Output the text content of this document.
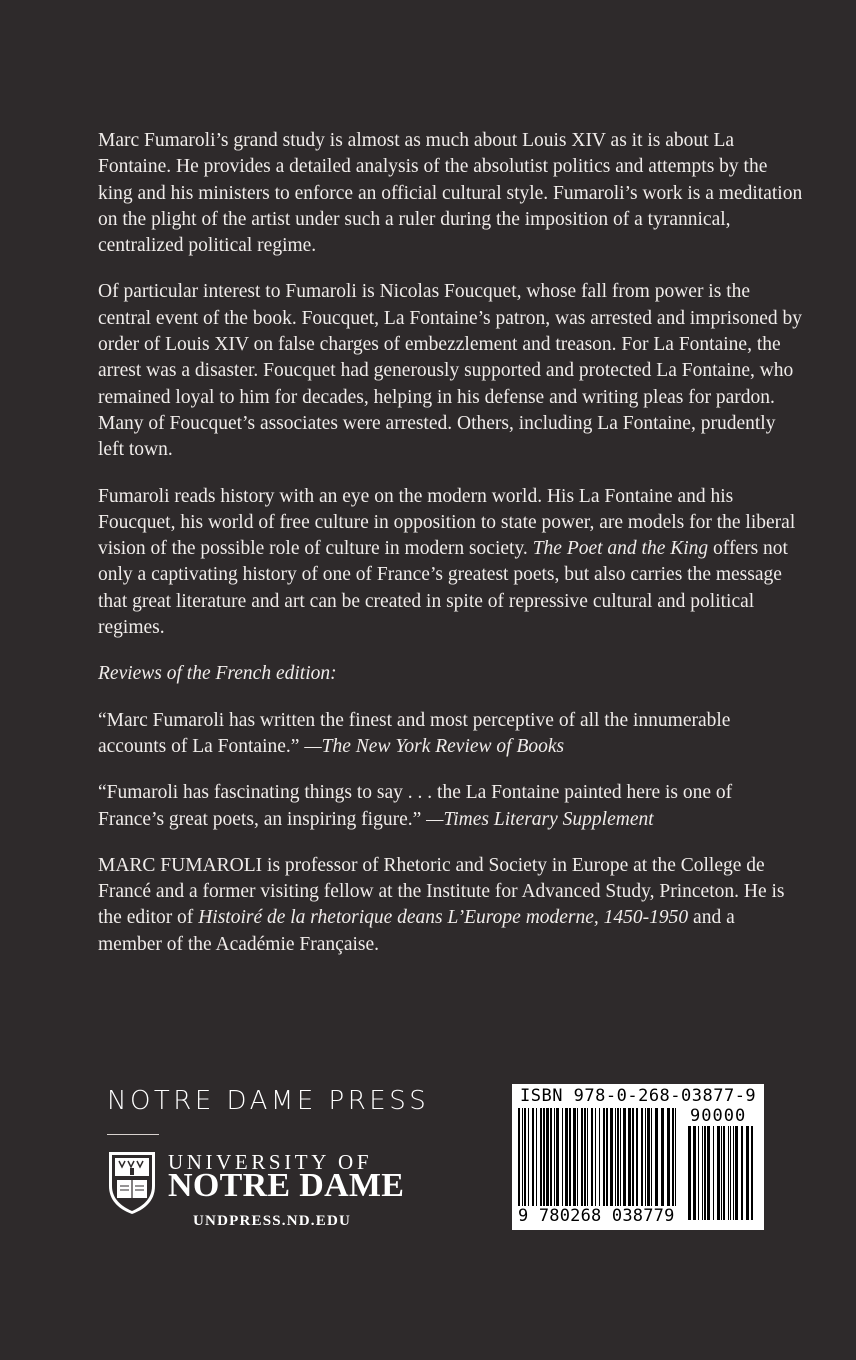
Marc Fumaroli’s grand study is almost as much about Louis XIV as it is about La Fontaine. He provides a detailed analysis of the absolutist politics and attempts by the king and his ministers to enforce an official cultural style. Fumaroli’s work is a meditation on the plight of the artist under such a ruler during the imposition of a tyrannical, centralized political regime.

Of particular interest to Fumaroli is Nicolas Foucquet, whose fall from power is the central event of the book. Foucquet, La Fontaine’s patron, was arrested and imprisoned by order of Louis XIV on false charges of embezzlement and treason. For La Fontaine, the arrest was a disaster. Foucquet had generously supported and protected La Fontaine, who remained loyal to him for decades, helping in his defense and writing pleas for pardon. Many of Foucquet’s associates were arrested. Others, including La Fontaine, prudently left town.

Fumaroli reads history with an eye on the modern world. His La Fontaine and his Foucquet, his world of free culture in opposition to state power, are models for the liberal vision of the possible role of culture in modern society. The Poet and the King offers not only a captivating history of one of France’s greatest poets, but also carries the message that great literature and art can be created in spite of repressive cultural and political regimes.

Reviews of the French edition:

“Marc Fumaroli has written the finest and most perceptive of all the innumerable accounts of La Fontaine.” —The New York Review of Books

“Fumaroli has fascinating things to say . . . the La Fontaine painted here is one of France’s great poets, an inspiring figure.” —Times Literary Supplement

MARC FUMAROLI is professor of Rhetoric and Society in Europe at the College de Francé and a former visiting fellow at the Institute for Advanced Study, Princeton. He is the editor of Histoiré de la rhetorique deans L’Europe moderne, 1450-1950 and a member of the Académie Française.

NOTRE DAME PRESS
UNIVERSITY OF
NOTRE DAME
UNDPRESS.ND.EDU
ISBN 978-0-268-03877-9
90000
9 780268 038779
